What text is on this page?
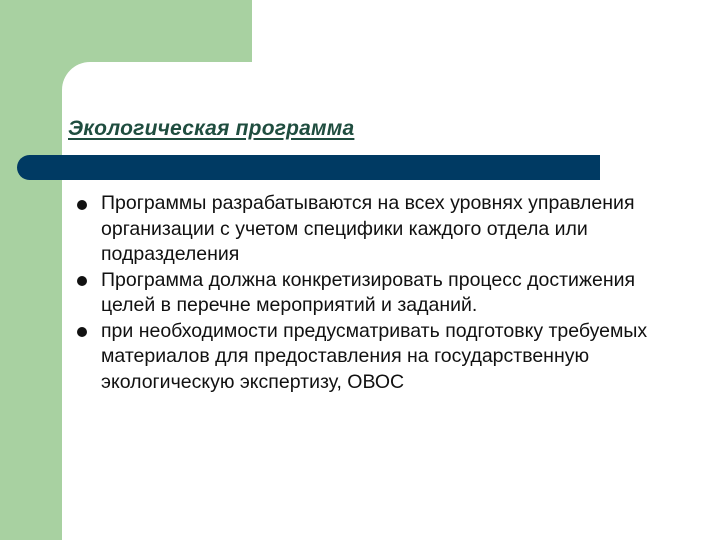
Экологическая программа
Программы разрабатываются на всех уровнях управления организации с учетом специфики каждого отдела или подразделения
Программа должна конкретизировать процесс достижения целей в перечне мероприятий и заданий.
при необходимости предусматривать подготовку требуемых материалов для предоставления на государственную экологическую экспертизу, ОВОС
